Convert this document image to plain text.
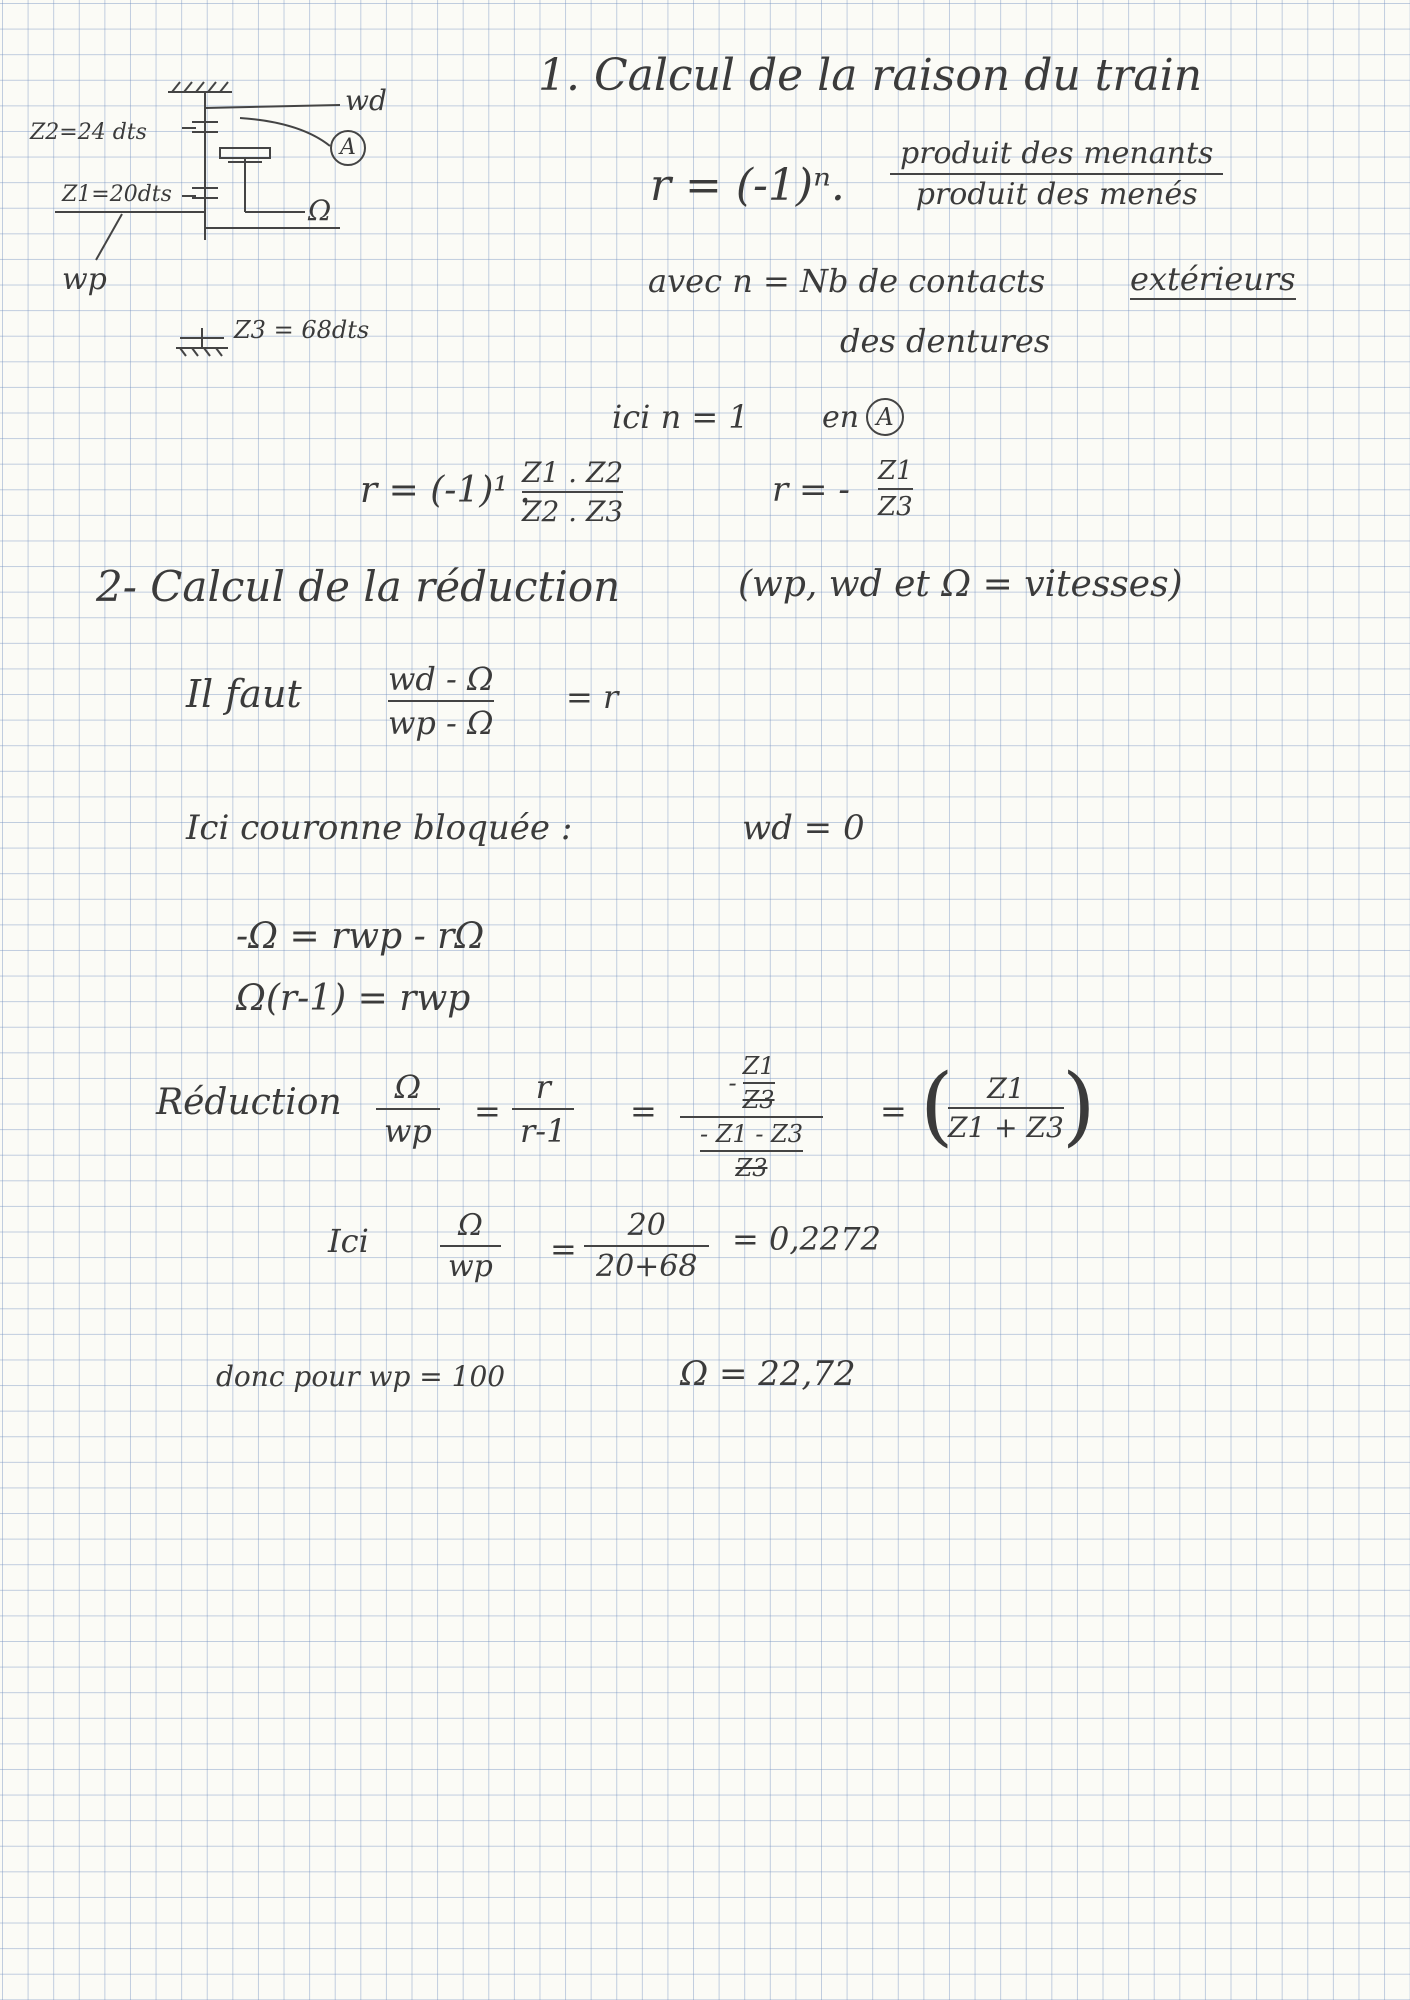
Z2=24 dts
Z1=20dts
wd
A
Ω
wp
Z3 = 68dts
1. Calcul de la raison du train
r = (-1)ⁿ.
produit des menants
produit des menés
avec n = Nb de contacts	extérieurs
des dentures
ici n = 1 en A
r = (-1)¹ .
Z1 . Z2
Z2 . Z3
r = - Z1
Z3
2- Calcul de la réduction	(wp, wd et Ω = vitesses)
Il faut	wd - Ω
wp - Ω
= r
Ici couronne bloquée :	wd = 0
-Ω = rwp - rΩ
Ω(r-1) = rwp
Réduction Ω
wp
=
r
r-1
=
-
Z1
Z3
- Z1 - Z3
Z3
= ( Z1
Z1 + Z3
)
Ici	Ω
wp =
20
20+68
= 0,2272
donc pour wp = 100	Ω = 22,72
